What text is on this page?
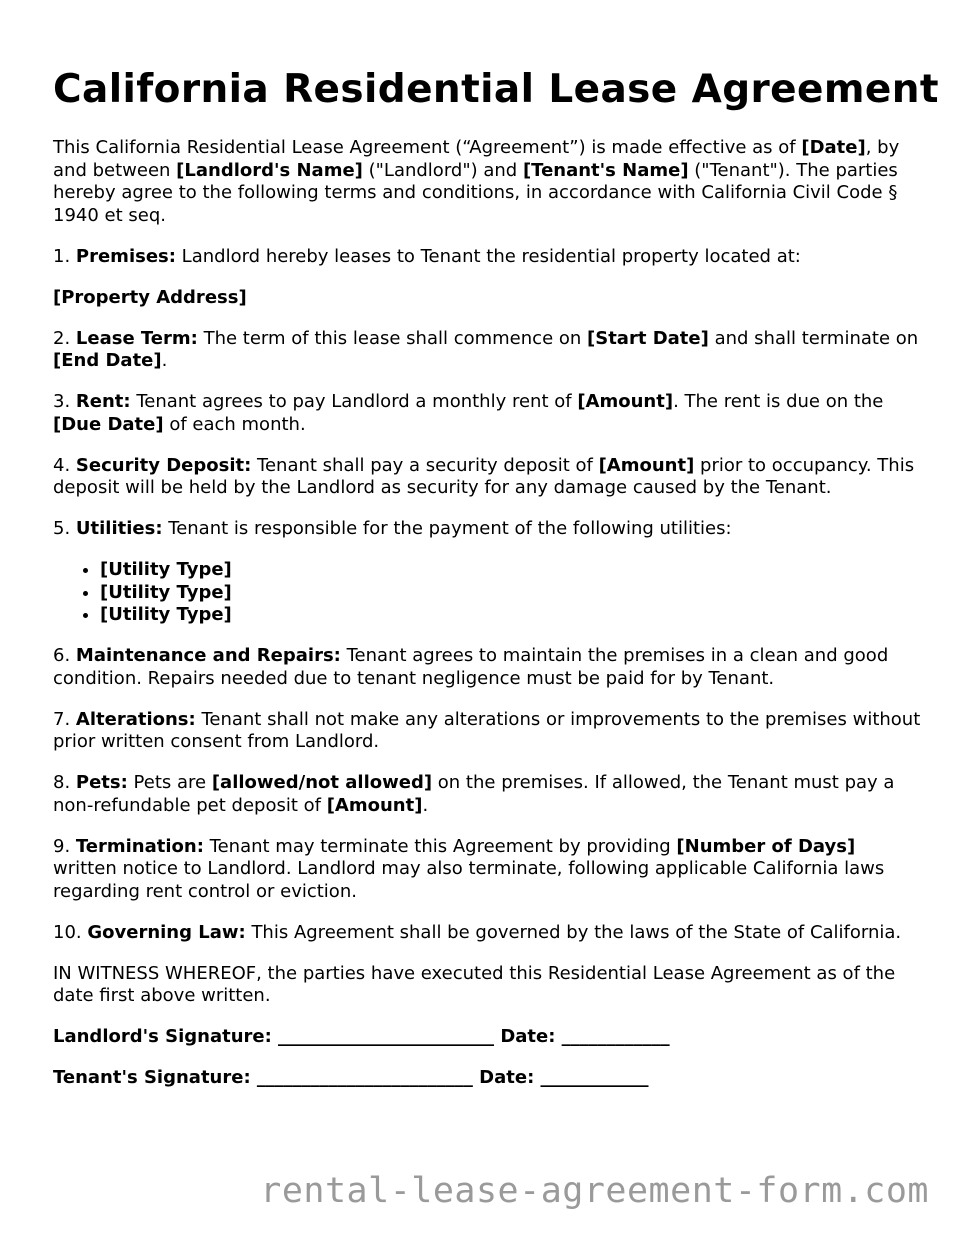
California Residential Lease Agreement

This California Residential Lease Agreement (“Agreement”) is made effective as of [Date], by and between [Landlord's Name] ("Landlord") and [Tenant's Name] ("Tenant"). The parties hereby agree to the following terms and conditions, in accordance with California Civil Code § 1940 et seq.

1. Premises: Landlord hereby leases to Tenant the residential property located at:

[Property Address]

2. Lease Term: The term of this lease shall commence on [Start Date] and shall terminate on [End Date].

3. Rent: Tenant agrees to pay Landlord a monthly rent of [Amount]. The rent is due on the [Due Date] of each month.

4. Security Deposit: Tenant shall pay a security deposit of [Amount] prior to occupancy. This deposit will be held by the Landlord as security for any damage caused by the Tenant.

5. Utilities: Tenant is responsible for the payment of the following utilities:

• [Utility Type]
• [Utility Type]
• [Utility Type]

6. Maintenance and Repairs: Tenant agrees to maintain the premises in a clean and good condition. Repairs needed due to tenant negligence must be paid for by Tenant.

7. Alterations: Tenant shall not make any alterations or improvements to the premises without prior written consent from Landlord.

8. Pets: Pets are [allowed/not allowed] on the premises. If allowed, the Tenant must pay a non-refundable pet deposit of [Amount].

9. Termination: Tenant may terminate this Agreement by providing [Number of Days] written notice to Landlord. Landlord may also terminate, following applicable California laws regarding rent control or eviction.

10. Governing Law: This Agreement shall be governed by the laws of the State of California.

IN WITNESS WHEREOF, the parties have executed this Residential Lease Agreement as of the date first above written.

Landlord's Signature: ________________________ Date: ____________

Tenant's Signature: ________________________ Date: ____________

rental-lease-agreement-form.com
